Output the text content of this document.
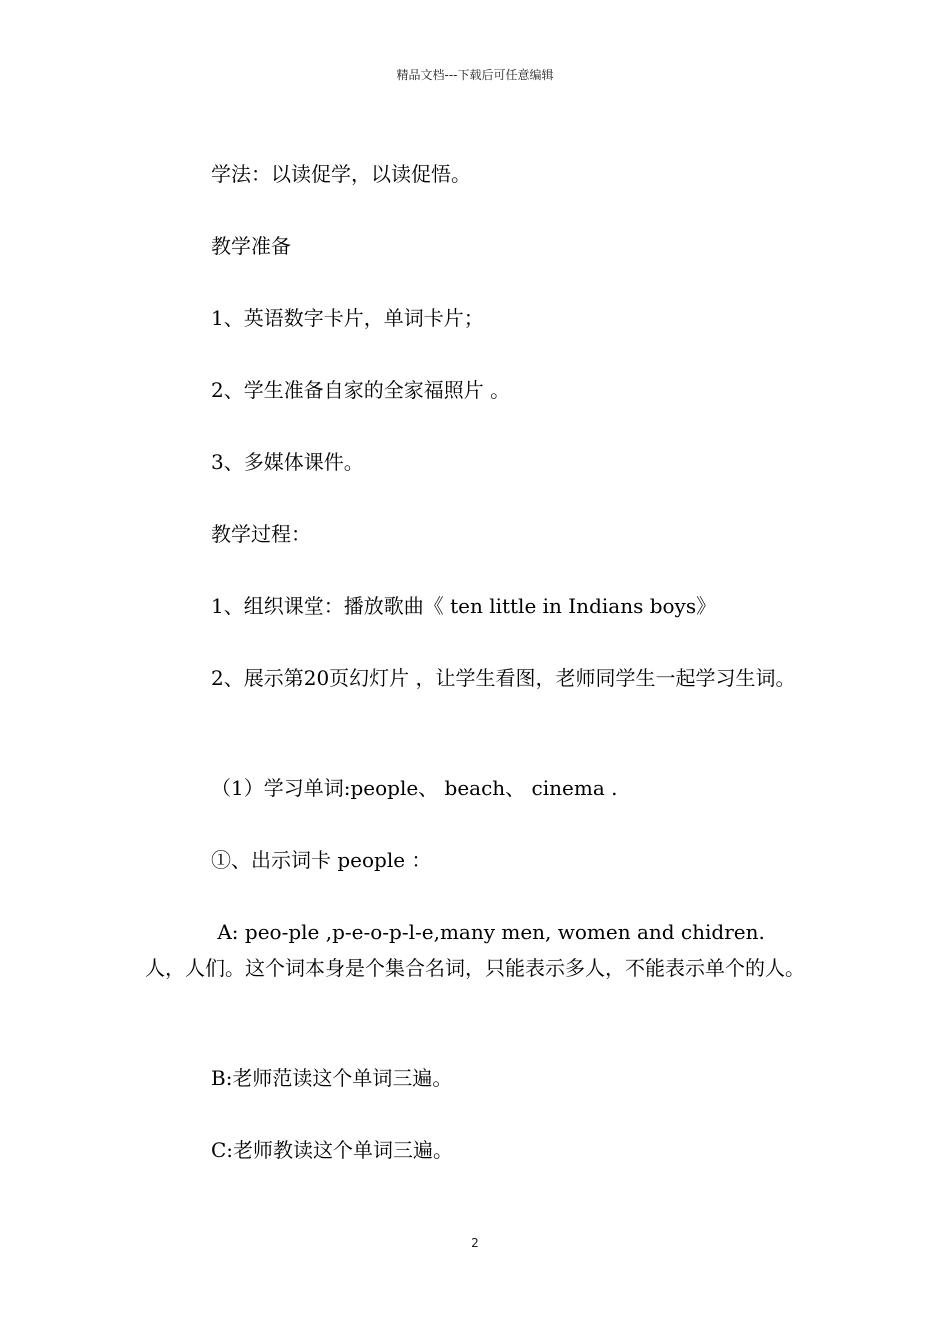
精品文档---下载后可任意编辑
学法：以读促学，以读促悟。
教学准备
1、英语数字卡片，单词卡片；
2、学生准备自家的全家福照片 。
3、多媒体课件。
教学过程：
1、组织课堂：播放歌曲《 ten little in Indians boys》
2、展示第20页幻灯片 ，让学生看图，老师同学生一起学习生词。
（1）学习单词:people、 beach、 cinema .
①、出示词卡 people ：
A: peo-ple ,p-e-o-p-l-e,many men, women and chidren. 人，人们。这个词本身是个集合名词，只能表示多人，不能表示单个的人。
B:老师范读这个单词三遍。
C:老师教读这个单词三遍。
2
